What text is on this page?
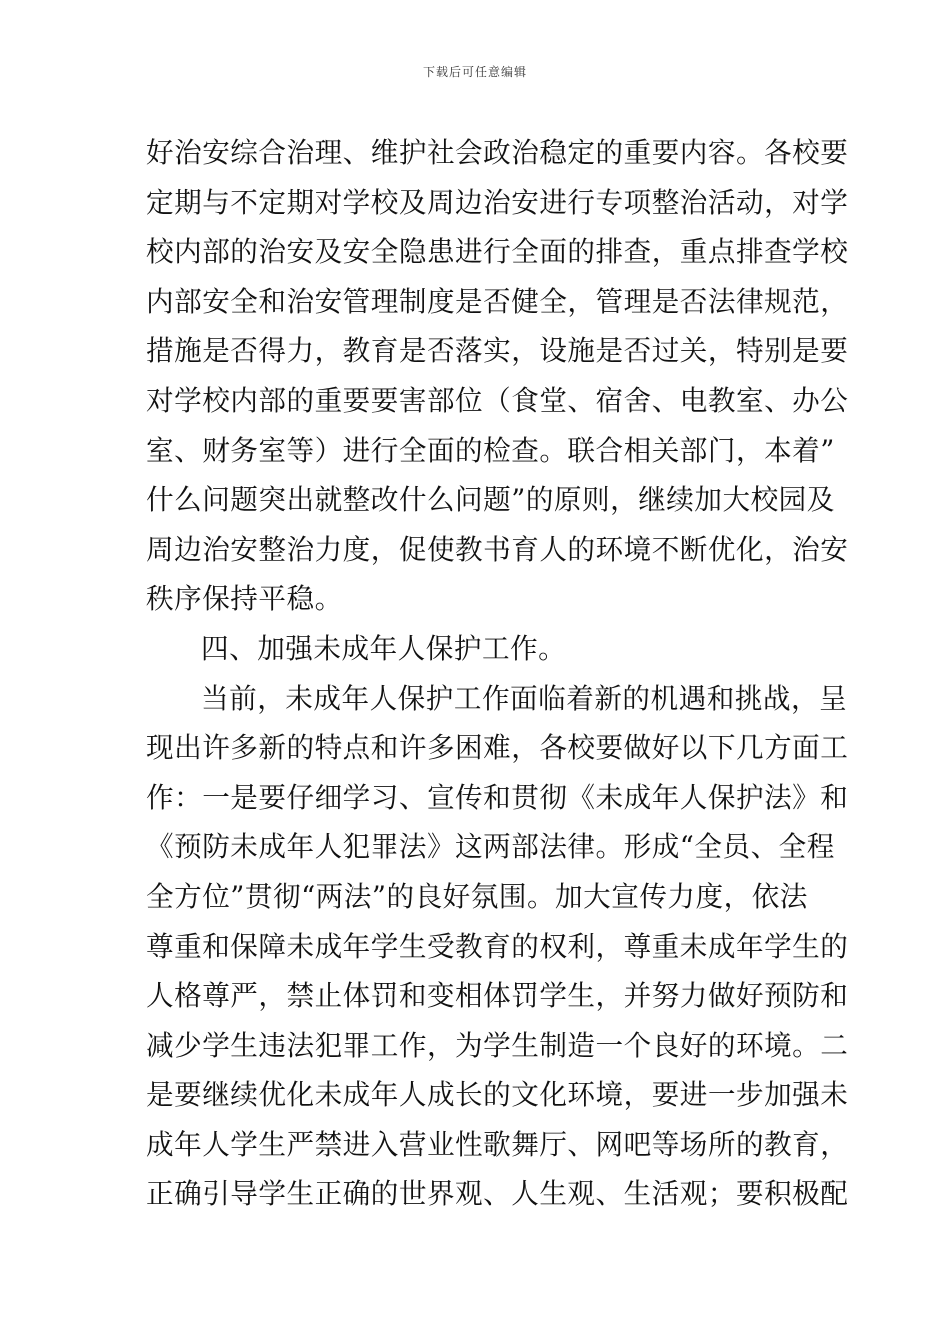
下载后可任意编辑
好治安综合治理、维护社会政治稳定的重要内容。各校要
定期与不定期对学校及周边治安进行专项整治活动，对学
校内部的治安及安全隐患进行全面的排查，重点排查学校
内部安全和治安管理制度是否健全，管理是否法律规范，
措施是否得力，教育是否落实，设施是否过关，特别是要
对学校内部的重要要害部位（食堂、宿舍、电教室、办公
室、财务室等）进行全面的检查。联合相关部门，本着”
什么问题突出就整改什么问题”的原则，继续加大校园及
周边治安整治力度，促使教书育人的环境不断优化，治安
秩序保持平稳。
四、加强未成年人保护工作。
当前，未成年人保护工作面临着新的机遇和挑战，呈
现出许多新的特点和许多困难，各校要做好以下几方面工
作：一是要仔细学习、宣传和贯彻《未成年人保护法》和
《预防未成年人犯罪法》这两部法律。形成“全员、全程
全方位”贯彻“两法”的良好氛围。加大宣传力度，依法
尊重和保障未成年学生受教育的权利，尊重未成年学生的
人格尊严，禁止体罚和变相体罚学生，并努力做好预防和
减少学生违法犯罪工作，为学生制造一个良好的环境。二
是要继续优化未成年人成长的文化环境，要进一步加强未
成年人学生严禁进入营业性歌舞厅、网吧等场所的教育，
正确引导学生正确的世界观、人生观、生活观；要积极配
